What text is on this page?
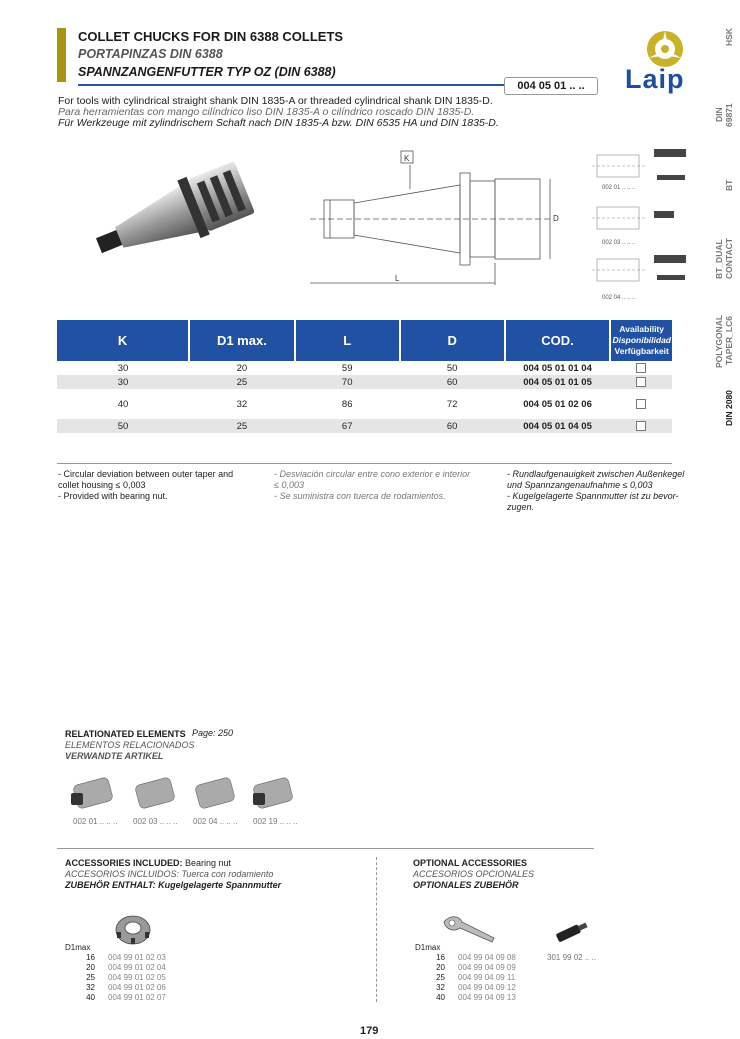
COLLET CHUCKS FOR DIN 6388 COLLETS
PORTAPINZAS DIN 6388
SPANNZANGENFUTTER TYP OZ (DIN 6388)
004 05 01 .. ..	Laip
HSK
DIN 69871
BT
BT_DUAL CONTACT
POLYGONAL TAPER_LC6
DIN 2080
For tools with cylindrical straight shank DIN 1835-A or threaded cylindrical shank DIN 1835-D.
Para herramientas con mango cilíndrico liso DIN 1835-A o cilíndrico roscado DIN 1835-D.
Für Werkzeuge mit zylindrischem Schaft nach DIN 1835-A bzw. DIN 6535 HA und DIN 1835-D.
K
D
L
002 01 .. .. ..
002 03 .. .. ..
002 04 .. .. ..
K	D1 max.	L	D	COD.	Availability
Disponibilidad
Verfügbarkeit

30	20	59	50	004 05 01 01 04	
30	25	70	60	004 05 01 01 05	

40	32	86	72	004 05 01 02 06	

50	25	67	60	004 05 01 04 05	
- Circular deviation between outer taper and
collet housing ≤ 0,003
- Provided with bearing nut.
- Desviación circular entre cono exterior e interior
≤ 0,003
- Se suministra con tuerca de rodamientos.
- Rundlaufgenauigkeit zwischen Außenkegel
und Spannzangenaufnahme ≤ 0,003
- Kugelgelagerte Spannmutter ist zu bevor-
zugen.
RELATIONATED ELEMENTS
ELEMENTOS RELACIONADOS
VERWANDTE ARTIKEL
Page: 250
002 01 .. .. .. 002 03 .. .. .. 002 04 .. .. .. 002 19 .. .. ..
ACCESSORIES INCLUDED: Bearing nut
ACCESORIOS INCLUIDOS: Tuerca con rodamiento
ZUBEHÖR ENTHALT: Kugelgelagerte Spannmutter
D1max
16 004 99 01 02 03
20 004 99 01 02 04
25 004 99 01 02 05
32 004 99 01 02 06
40 004 99 01 02 07
OPTIONAL ACCESSORIES
ACCESORIOS OPCIONALES
OPTIONALES ZUBEHÖR
D1max
16 004 99 04 09 08
20 004 99 04 09 09
25 004 99 04 09 11
32 004 99 04 09 12
40 004 99 04 09 13
301 99 02 .. ..
179
